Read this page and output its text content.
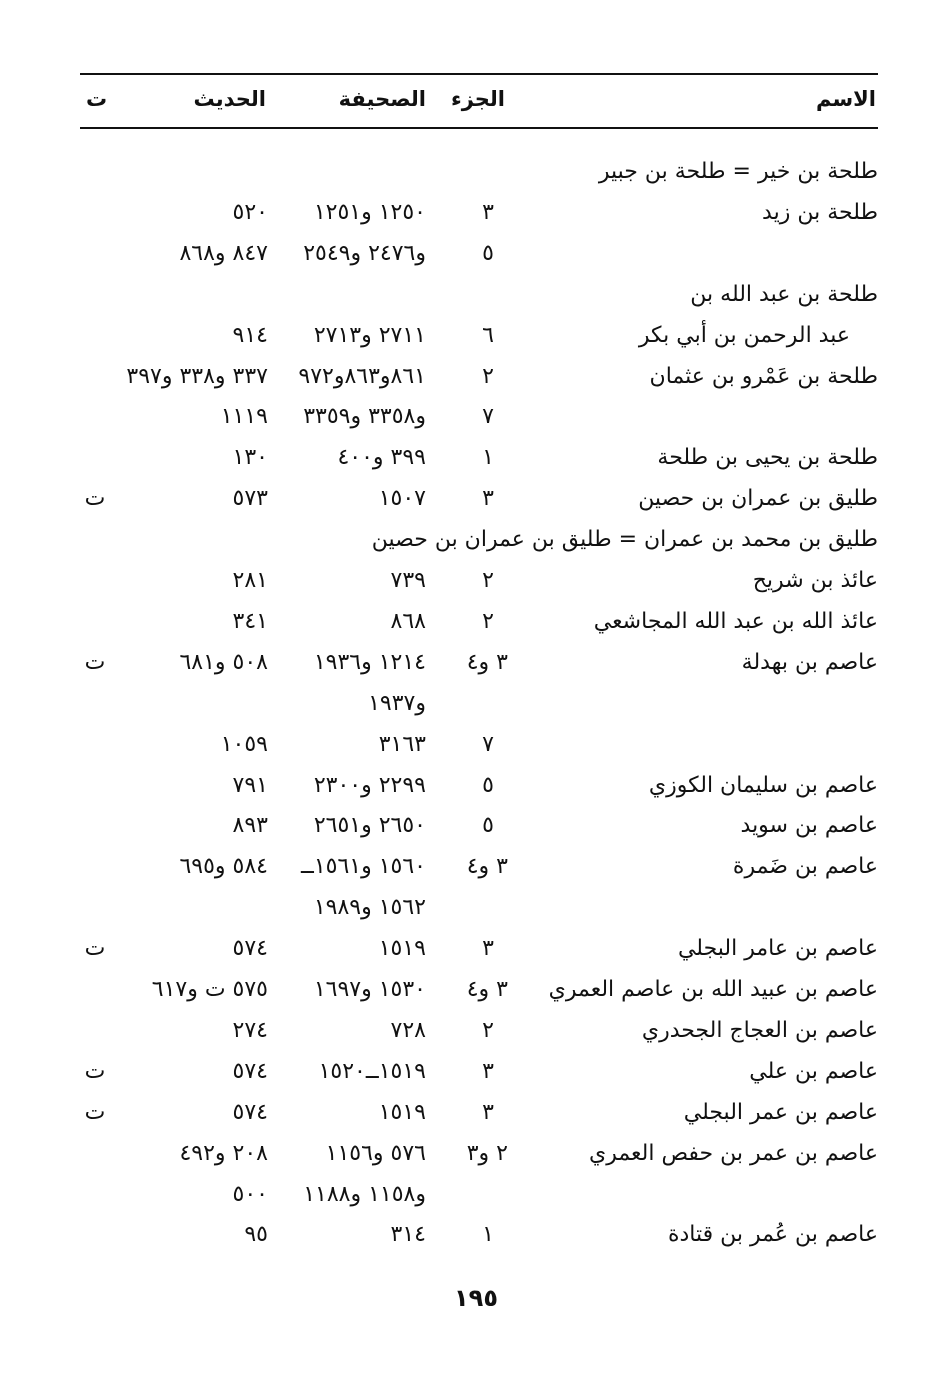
الاسم
الجزء
الصحيفة
الحديث
ت
طلحة بن خير = طلحة بن جبير
طلحة بن زيد
٣
١٢٥٠ و١٢٥١
٥٢٠
٥
و٢٤٧٦ و٢٥٤٩
٨٤٧ و٨٦٨
طلحة بن عبد الله بن
عبد الرحمن بن أبي بكر
٦
٢٧١١ و٢٧١٣
٩١٤
طلحة بن عَمْرو بن عثمان
٢
٨٦١و٨٦٣و٩٧٢
٣٣٧ و٣٣٨ و٣٩٧
٧
و٣٣٥٨ و٣٣٥٩
١١١٩
طلحة بن يحيى بن طلحة
١
٣٩٩ و٤٠٠
١٣٠
طليق بن عمران بن حصين
٣
١٥٠٧
٥٧٣
ت
طليق بن محمد بن عمران = طليق بن عمران بن حصين
عائذ بن شريح
٢
٧٣٩
٢٨١
عائذ الله بن عبد الله المجاشعي
٢
٨٦٨
٣٤١
عاصم بن بهدلة
٣ و٤
١٢١٤ و١٩٣٦
٥٠٨ و٦٨١
ت
و١٩٣٧
٧
٣١٦٣
١٠٥٩
عاصم بن سليمان الكوزي
٥
٢٢٩٩ و٢٣٠٠
٧٩١
عاصم بن سويد
٥
٢٦٥٠ و٢٦٥١
٨٩٣
عاصم بن ضَمرة
٣ و٤
١٥٦٠ و١٥٦١ــ
٥٨٤ و٦٩٥
١٥٦٢ و١٩٨٩
عاصم بن عامر البجلي
٣
١٥١٩
٥٧٤
ت
عاصم بن عبيد الله بن عاصم العمري
٣ و٤
١٥٣٠ و١٦٩٧
٥٧٥ ت و٦١٧
عاصم بن العجاج الجحدري
٢
٧٢٨
٢٧٤
عاصم بن علي
٣
١٥١٩ــ١٥٢٠
٥٧٤
ت
عاصم بن عمر البجلي
٣
١٥١٩
٥٧٤
ت
عاصم بن عمر بن حفص العمري
٢ و٣
٥٧٦ و١١٥٦
٢٠٨ و٤٩٢
و١١٥٨ و١١٨٨
٥٠٠
عاصم بن عُمر بن قتادة
١
٣١٤
٩٥
١٩٥
